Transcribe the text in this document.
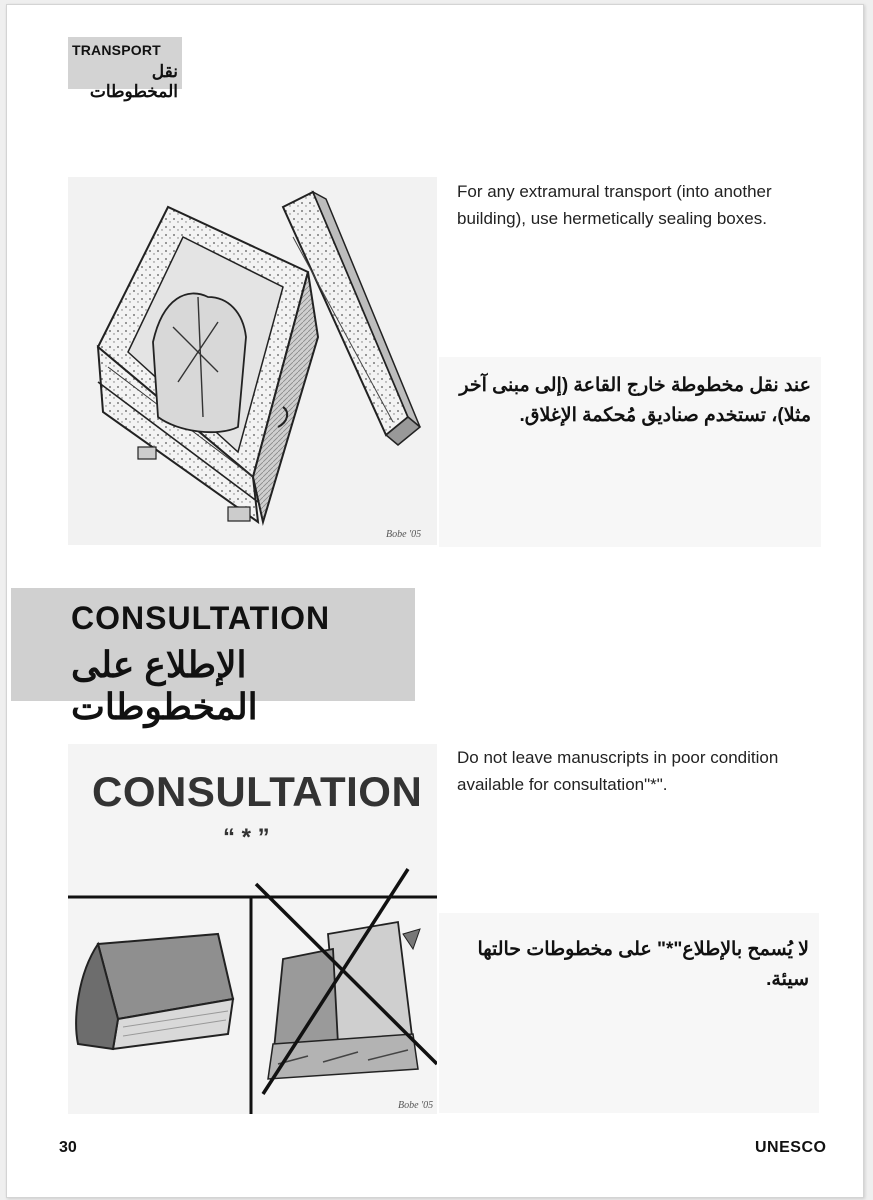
TRANSPORT
نقل المخطوطات
Bobe '05
For any extramural transport (into another building), use hermetically sealing boxes.
عند نقل مخطوطة خارج القاعة (إلى مبنى آخر مثلا)، تستخدم صناديق مُحكمة الإغلاق.
CONSULTATION
الإطلاع على المخطوطات
CONSULTATION
“ * ”
Bobe '05
Do not leave manuscripts in poor condition available for consultation"*".
لا يُسمح بالإطلاع"*" على مخطوطات حالتها سيئة.
30	UNESCO
